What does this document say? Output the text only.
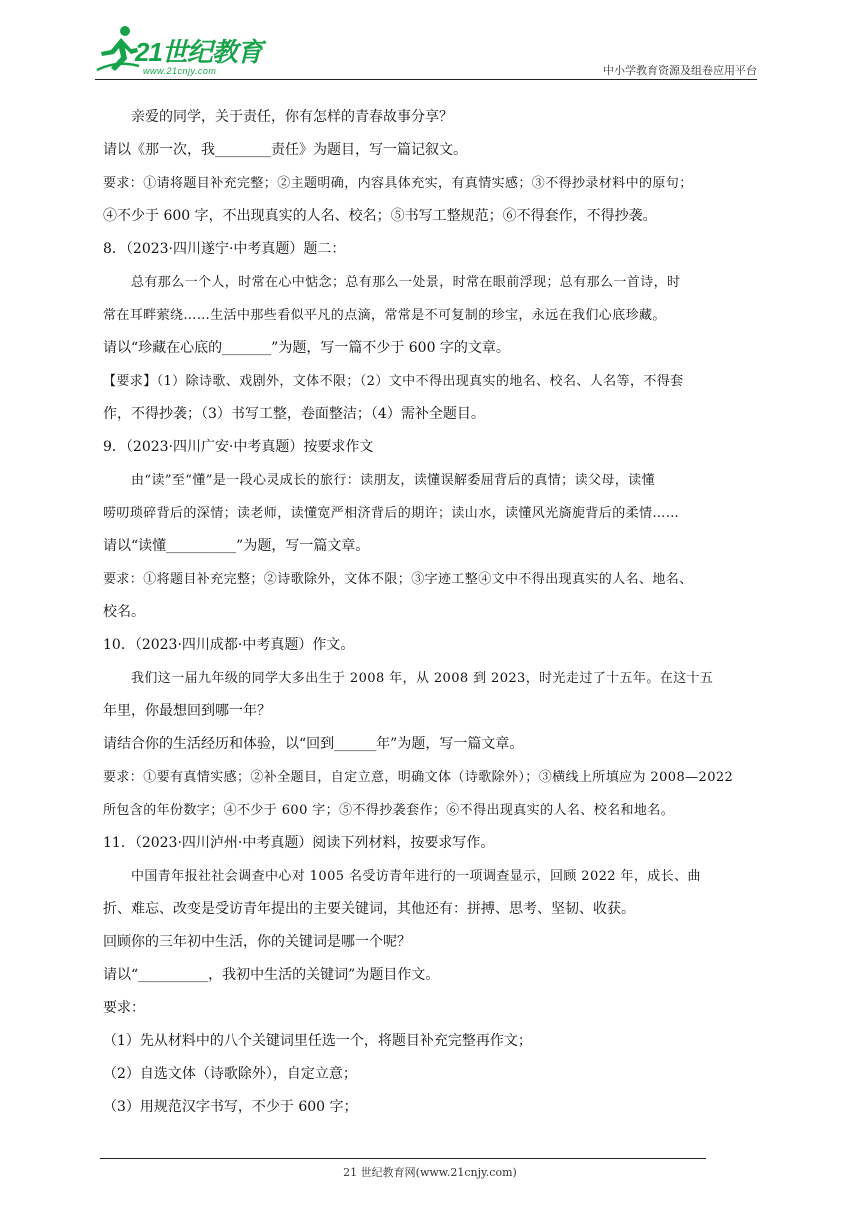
21世纪教育
www.21cnjy.com	中小学教育资源及组卷应用平台

亲爱的同学，关于责任，你有怎样的青春故事分享？

请以《那一次，我________责任》为题目，写一篇记叙文。

要求：①请将题目补充完整；②主题明确，内容具体充实，有真情实感；③不得抄录材料中的原句；

④不少于 600 字，不出现真实的人名、校名；⑤书写工整规范；⑥不得套作，不得抄袭。

8．（2023·四川遂宁·中考真题）题二：

总有那么一个人，时常在心中惦念；总有那么一处景，时常在眼前浮现；总有那么一首诗，时

常在耳畔萦绕……生活中那些看似平凡的点滴，常常是不可复制的珍宝，永远在我们心底珍藏。

请以“珍藏在心底的_______”为题，写一篇不少于 600 字的文章。

【要求】（1）除诗歌、戏剧外，文体不限；（2）文中不得出现真实的地名、校名、人名等，不得套

作，不得抄袭；（3）书写工整，卷面整洁；（4）需补全题目。

9．（2023·四川广安·中考真题）按要求作文

由“读”至“懂”是一段心灵成长的旅行：读朋友，读懂误解委屈背后的真情；读父母，读懂

唠叨琐碎背后的深情；读老师，读懂宽严相济背后的期许；读山水，读懂风光旖旎背后的柔情……

请以“读懂__________”为题，写一篇文章。

要求：①将题目补充完整；②诗歌除外，文体不限；③字迹工整④文中不得出现真实的人名、地名、

校名。

10．（2023·四川成都·中考真题）作文。

我们这一届九年级的同学大多出生于 2008 年，从 2008 到 2023，时光走过了十五年。在这十五

年里，你最想回到哪一年？

请结合你的生活经历和体验，以“回到______年”为题，写一篇文章。

要求：①要有真情实感；②补全题目，自定立意，明确文体（诗歌除外）；③横线上所填应为 2008—2022

所包含的年份数字；④不少于 600 字；⑤不得抄袭套作；⑥不得出现真实的人名、校名和地名。

11．（2023·四川泸州·中考真题）阅读下列材料，按要求写作。

中国青年报社社会调查中心对 1005 名受访青年进行的一项调查显示，回顾 2022 年，成长、曲

折、难忘、改变是受访青年提出的主要关键词，其他还有：拼搏、思考、坚韧、收获。

回顾你的三年初中生活，你的关键词是哪一个呢？

请以“__________，我初中生活的关键词”为题目作文。

要求：

（1）先从材料中的八个关键词里任选一个，将题目补充完整再作文；

（2）自选文体（诗歌除外），自定立意；

（3）用规范汉字书写，不少于 600 字；

21 世纪教育网(www.21cnjy.com)
